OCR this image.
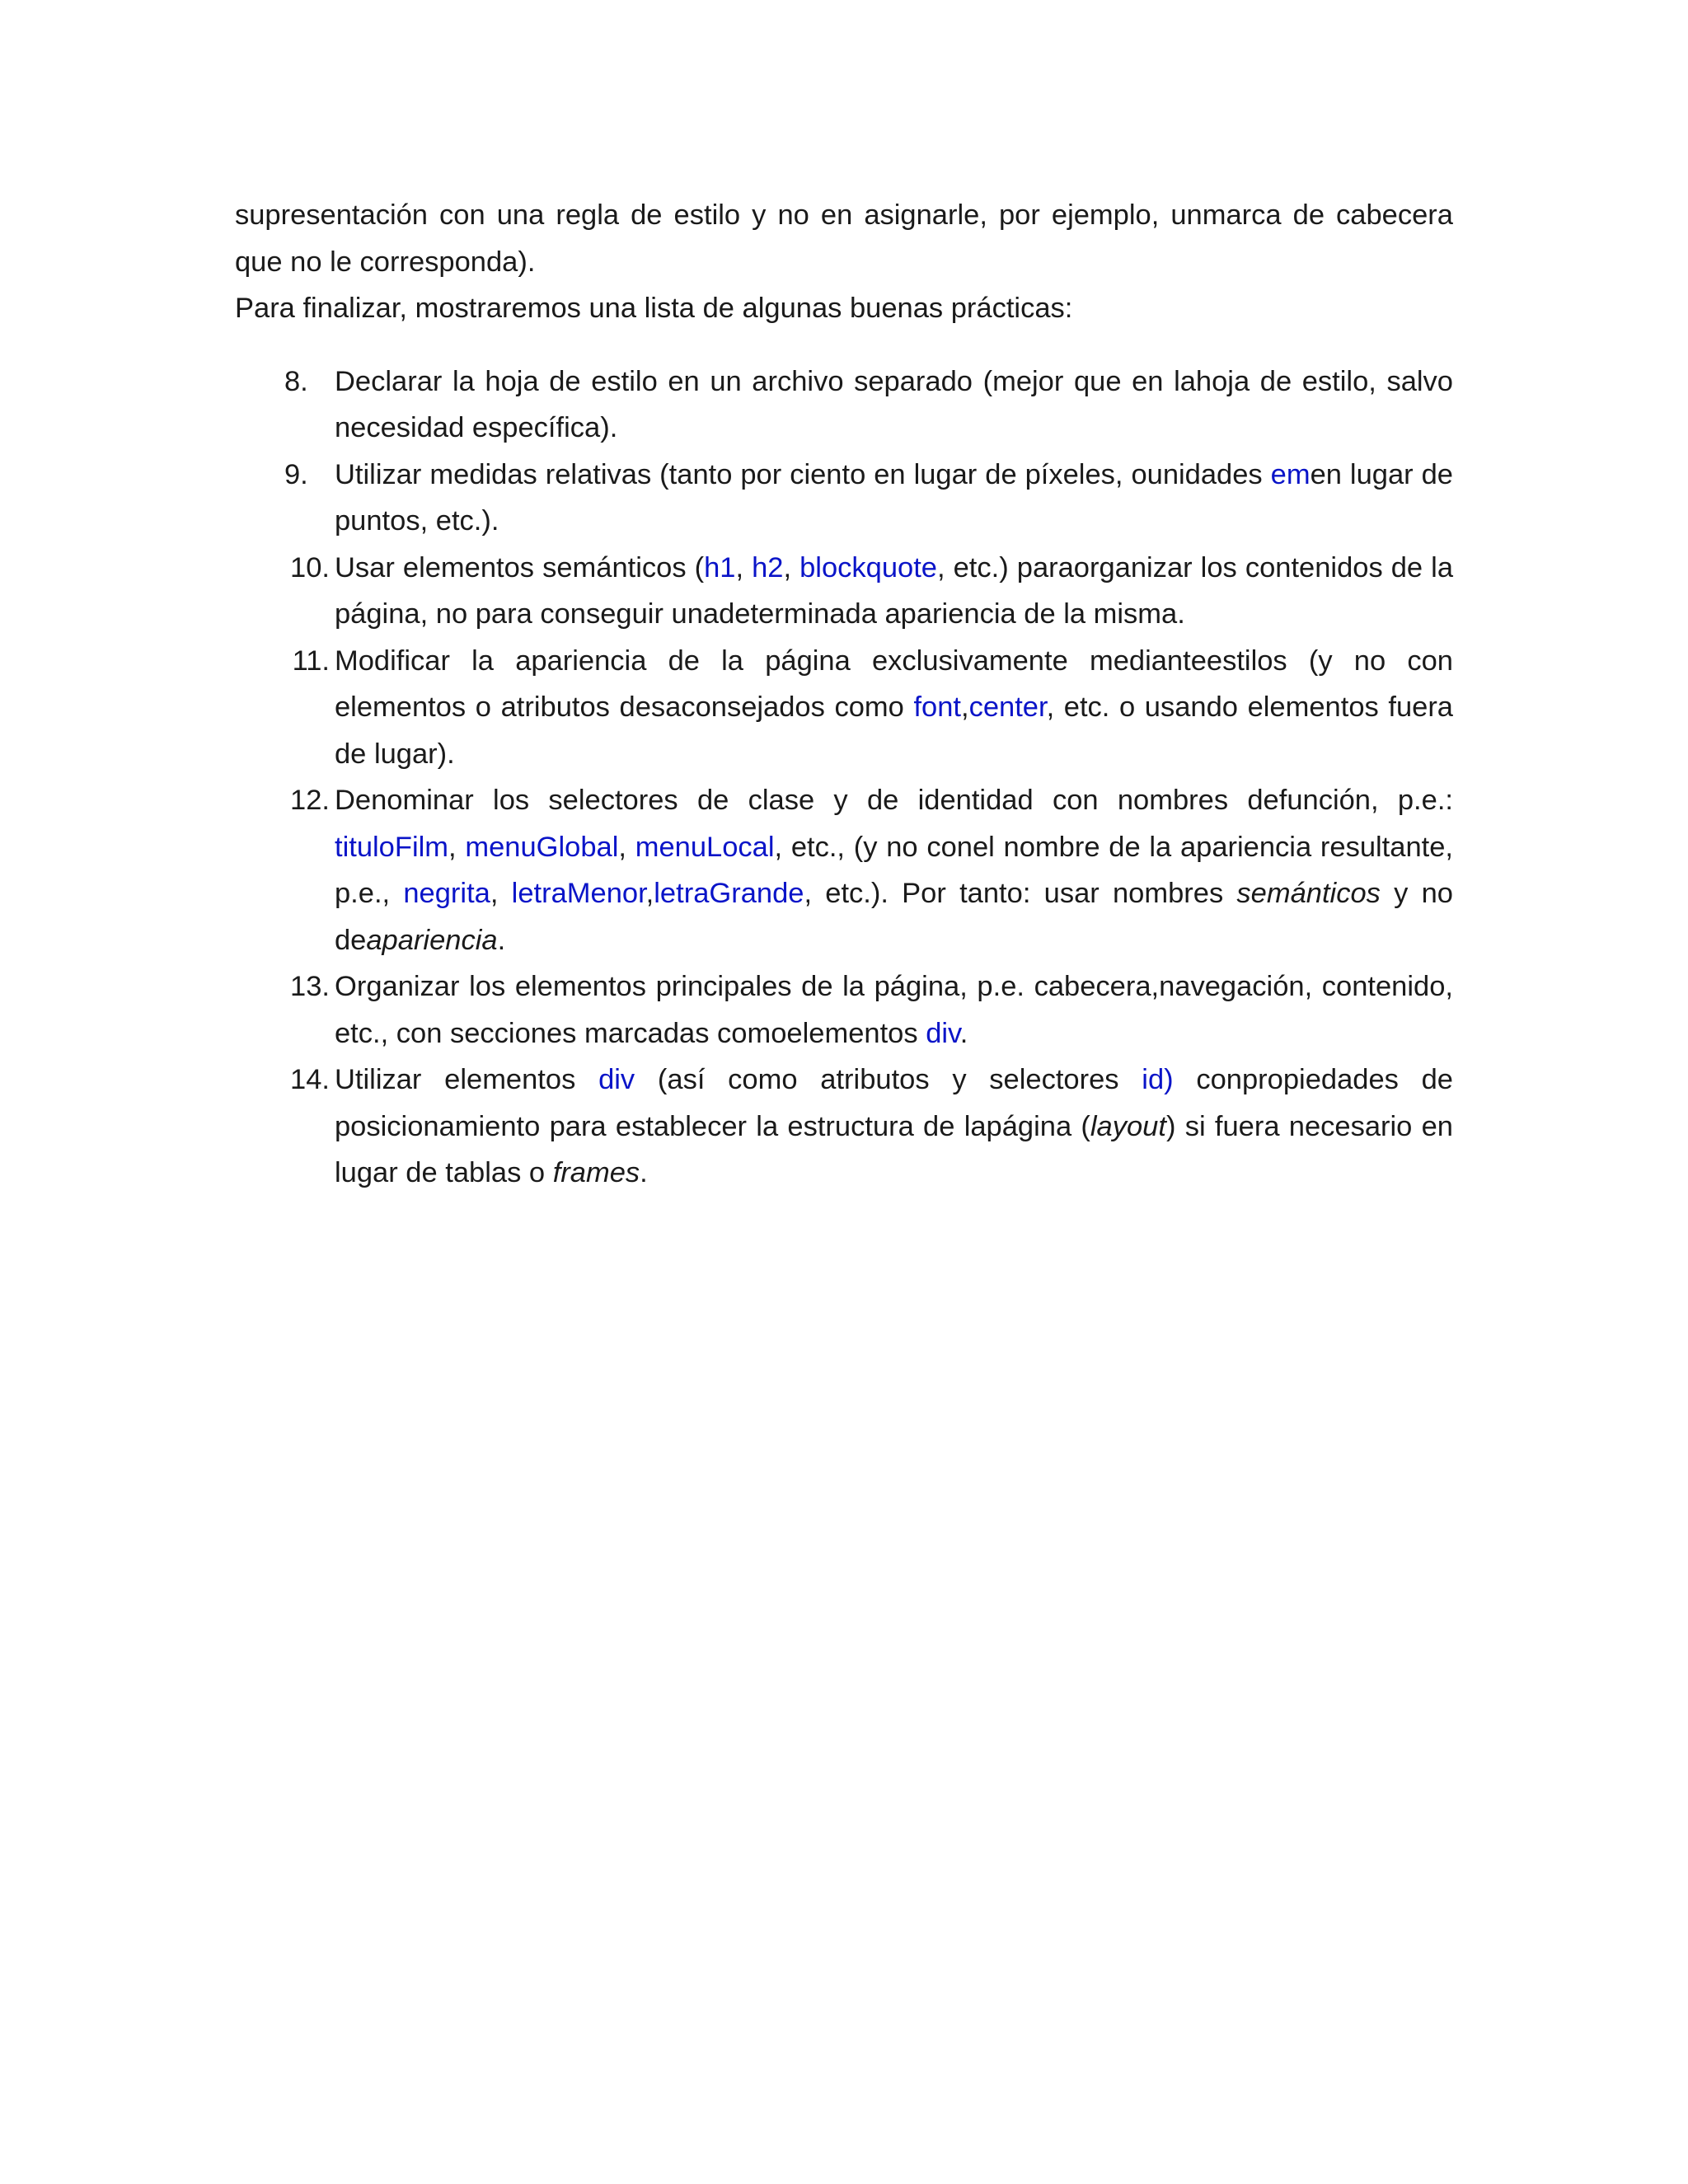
supresentación con una regla de estilo y no en asignarle, por ejemplo, unmarca de cabecera que no le corresponda).

Para finalizar, mostraremos una lista de algunas buenas prácticas:

8. Declarar la hoja de estilo en un archivo separado (mejor que en lahoja de estilo, salvo necesidad específica).
9. Utilizar medidas relativas (tanto por ciento en lugar de píxeles, ounidades emen lugar de puntos, etc.).
10. Usar elementos semánticos (h1, h2, blockquote, etc.) paraorganizar los contenidos de la página, no para conseguir unadeterminada apariencia de la misma.
11. Modificar la apariencia de la página exclusivamente medianteestilos (y no con elementos o atributos desaconsejados como font,center, etc. o usando elementos fuera de lugar).
12. Denominar los selectores de clase y de identidad con nombres defunción, p.e.: tituloFilm, menuGlobal, menuLocal, etc., (y no conel nombre de la apariencia resultante, p.e., negrita, letraMenor,letraGrande, etc.). Por tanto: usar nombres semánticos y no deapariencia.
13. Organizar los elementos principales de la página, p.e. cabecera,navegación, contenido, etc., con secciones marcadas comoelementos div.
14. Utilizar elementos div (así como atributos y selectores id) conpropiedades de posicionamiento para establecer la estructura de lapágina (layout) si fuera necesario en lugar de tablas o frames.
